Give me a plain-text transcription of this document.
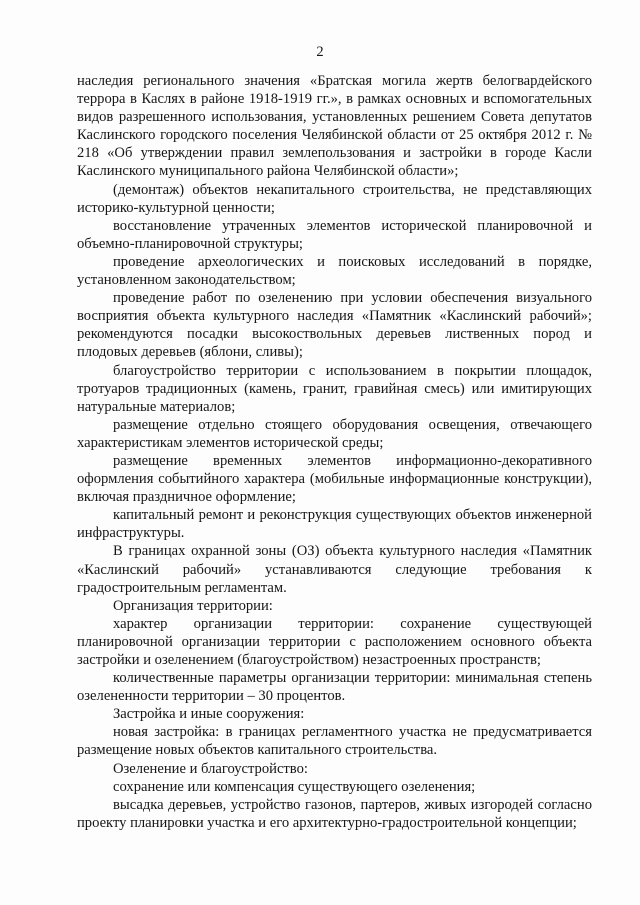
2

наследия регионального значения «Братская могила жертв белогвардейского террора в Каслях в районе 1918-1919 гг.», в рамках основных и вспомогательных видов разрешенного использования, установленных решением Совета депутатов Каслинского городского поселения Челябинской области от 25 октября 2012 г. № 218 «Об утверждении правил землепользования и застройки в городе Касли Каслинского муниципального района Челябинской области»;

(демонтаж) объектов некапитального строительства, не представляющих историко-культурной ценности;

восстановление утраченных элементов исторической планировочной и объемно-планировочной структуры;

проведение археологических и поисковых исследований в порядке, установленном законодательством;

проведение работ по озеленению при условии обеспечения визуального восприятия объекта культурного наследия «Памятник «Каслинский рабочий»; рекомендуются посадки высокоствольных деревьев лиственных пород и плодовых деревьев (яблони, сливы);

благоустройство территории с использованием в покрытии площадок, тротуаров традиционных (камень, гранит, гравийная смесь) или имитирующих натуральные материалов;

размещение отдельно стоящего оборудования освещения, отвечающего характеристикам элементов исторической среды;

размещение временных элементов информационно-декоративного оформления событийного характера (мобильные информационные конструкции), включая праздничное оформление;

капитальный ремонт и реконструкция существующих объектов инженерной инфраструктуры.

В границах охранной зоны (ОЗ) объекта культурного наследия «Памятник «Каслинский рабочий» устанавливаются следующие требования к градостроительным регламентам.

Организация территории:

характер организации территории: сохранение существующей планировочной организации территории с расположением основного объекта застройки и озеленением (благоустройством) незастроенных пространств;

количественные параметры организации территории: минимальная степень озелененности территории – 30 процентов.

Застройка и иные сооружения:

новая застройка: в границах регламентного участка не предусматривается размещение новых объектов капитального строительства.

Озеленение и благоустройство:

сохранение или компенсация существующего озеленения;

высадка деревьев, устройство газонов, партеров, живых изгородей согласно проекту планировки участка и его архитектурно-градостроительной концепции;
